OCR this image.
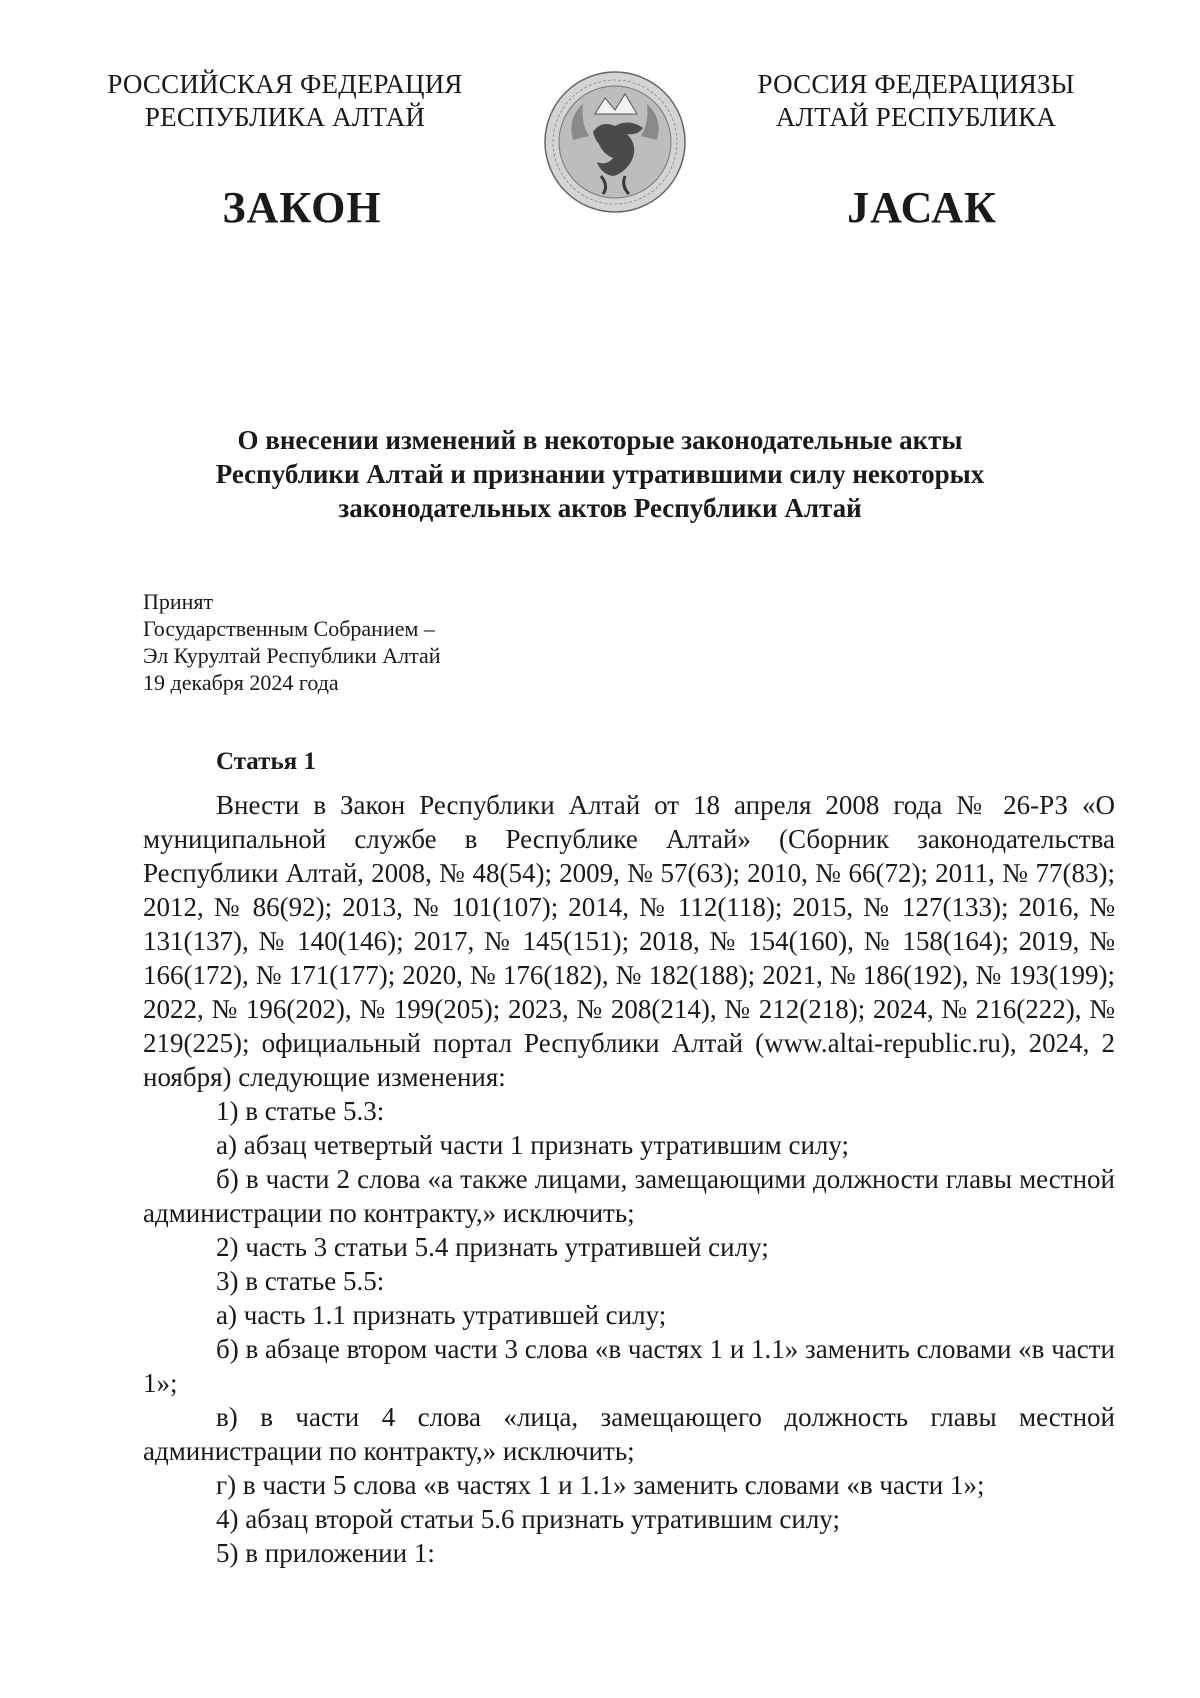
РОССИЙСКАЯ ФЕДЕРАЦИЯ
РЕСПУБЛИКА АЛТАЙ
РОССИЯ ФЕДЕРАЦИЯЗЫ
АЛТАЙ РЕСПУБЛИКА
ЗАКОН	JАСАК
О внесении изменений в некоторые законодательные акты
Республики Алтай и признании утратившими силу некоторых
законодательных актов Республики Алтай
Принят
Государственным Собранием –
Эл Курултай Республики Алтай
19 декабря 2024 года
Статья 1

Внести в Закон Республики Алтай от 18 апреля 2008 года № 26-РЗ «О муниципальной службе в Республике Алтай» (Сборник законодательства Республики Алтай, 2008, № 48(54); 2009, № 57(63); 2010, № 66(72); 2011, № 77(83); 2012, № 86(92); 2013, № 101(107); 2014, № 112(118); 2015, № 127(133); 2016, № 131(137), № 140(146); 2017, № 145(151); 2018, № 154(160), № 158(164); 2019, № 166(172), № 171(177); 2020, № 176(182), № 182(188); 2021, № 186(192), № 193(199); 2022, № 196(202), № 199(205); 2023, № 208(214), № 212(218); 2024, № 216(222), № 219(225); официальный портал Республики Алтай (www.altai-republic.ru), 2024, 2 ноября) следующие изменения:

1) в статье 5.3:

а) абзац четвертый части 1 признать утратившим силу;

б) в части 2 слова «а также лицами, замещающими должности главы местной администрации по контракту,» исключить;

2) часть 3 статьи 5.4 признать утратившей силу;

3) в статье 5.5:

а) часть 1.1 признать утратившей силу;

б) в абзаце втором части 3 слова «в частях 1 и 1.1» заменить словами «в части 1»;

в) в части 4 слова «лица, замещающего должность главы местной администрации по контракту,» исключить;

г) в части 5 слова «в частях 1 и 1.1» заменить словами «в части 1»;

4) абзац второй статьи 5.6 признать утратившим силу;

5) в приложении 1:
